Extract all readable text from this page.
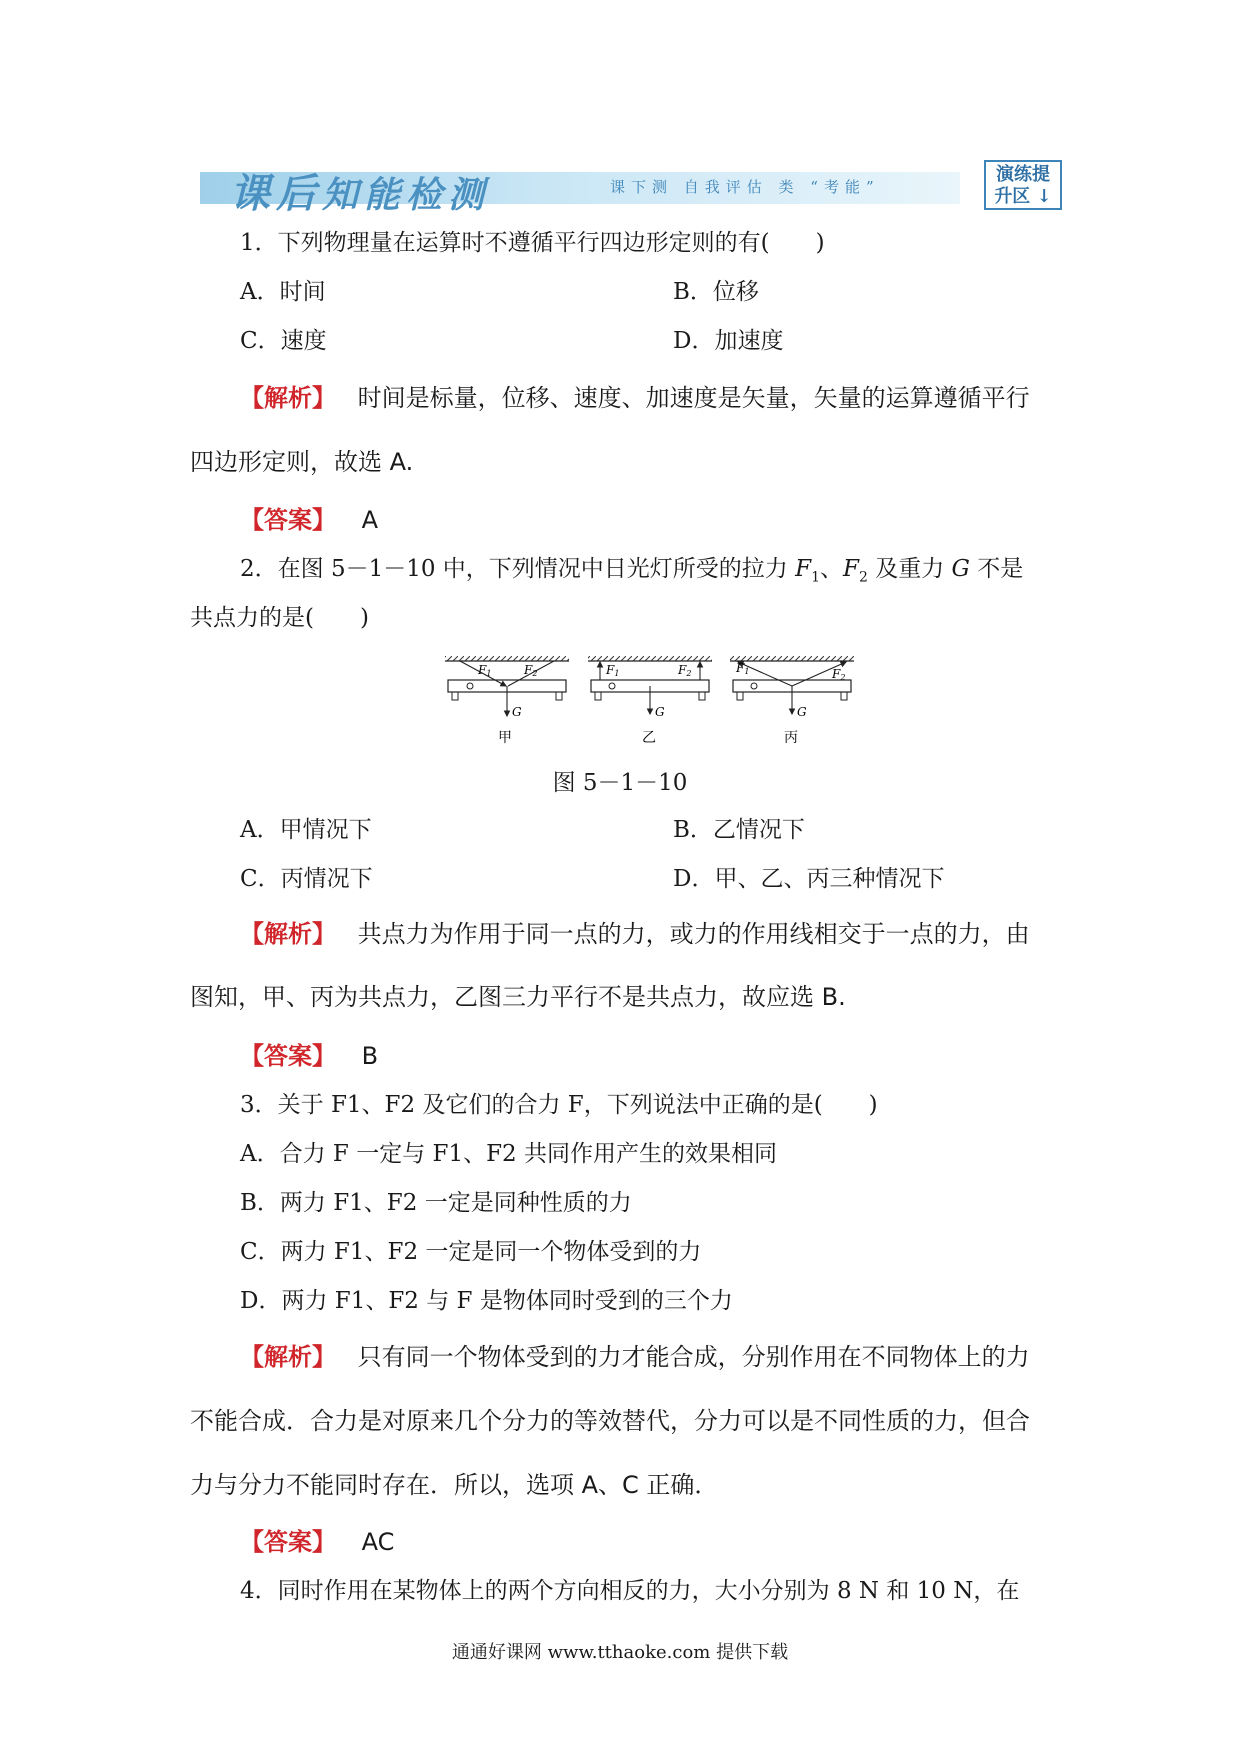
课后知能检测	课下测 自我评估 类 “考能”
演练提
升区 ↓
1．下列物理量在运算时不遵循平行四边形定则的有(　　)
A．时间	B．位移
C．速度	D．加速度
【解析】 时间是标量，位移、速度、加速度是矢量，矢量的运算遵循平行
四边形定则，故选 A.
【答案】 A
2．在图 5－1－10 中，下列情况中日光灯所受的拉力 $F_1$、$F_2$ 及重力 G 不是
共点力的是(　　)
F1	F2
G
甲
F1	F2
G
乙
F1	F2
G
丙
图 5－1－10
A．甲情况下	B．乙情况下
C．丙情况下	D．甲、乙、丙三种情况下
【解析】 共点力为作用于同一点的力，或力的作用线相交于一点的力，由
图知，甲、丙为共点力，乙图三力平行不是共点力，故应选 B.
【答案】 B
3．关于 F1、F2 及它们的合力 F，下列说法中正确的是(　　)
A．合力 F 一定与 F1、F2 共同作用产生的效果相同
B．两力 F1、F2 一定是同种性质的力
C．两力 F1、F2 一定是同一个物体受到的力
D．两力 F1、F2 与 F 是物体同时受到的三个力
【解析】 只有同一个物体受到的力才能合成，分别作用在不同物体上的力
不能合成．合力是对原来几个分力的等效替代，分力可以是不同性质的力，但合
力与分力不能同时存在．所以，选项 A、C 正确．
【答案】 AC
4．同时作用在某物体上的两个方向相反的力，大小分别为 8 N 和 10 N，在
通通好课网 www.tthaoke.com 提供下载
